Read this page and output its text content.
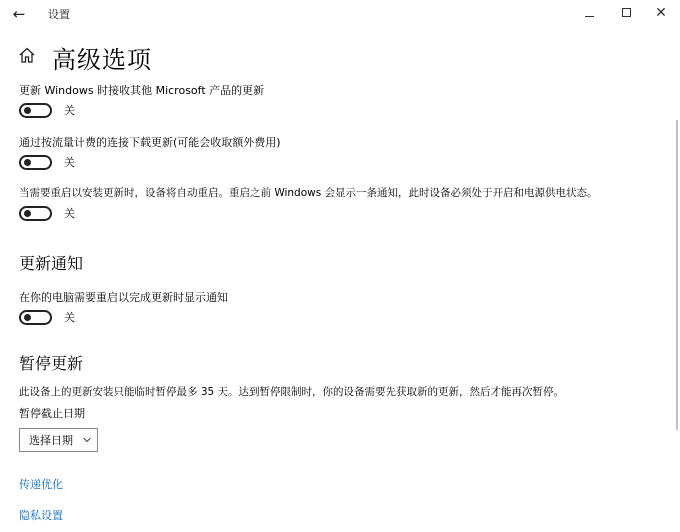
←	设置	✕
高级选项
更新 Windows 时接收其他 Microsoft 产品的更新
关
通过按流量计费的连接下载更新(可能会收取额外费用)
关
当需要重启以安装更新时，设备将自动重启。重启之前 Windows 会显示一条通知，此时设备必须处于开启和电源供电状态。
关
更新通知
在你的电脑需要重启以完成更新时显示通知
关
暂停更新
此设备上的更新安装只能临时暂停最多 35 天。达到暂停限制时，你的设备需要先获取新的更新，然后才能再次暂停。
暂停截止日期
选择日期
传递优化
隐私设置
